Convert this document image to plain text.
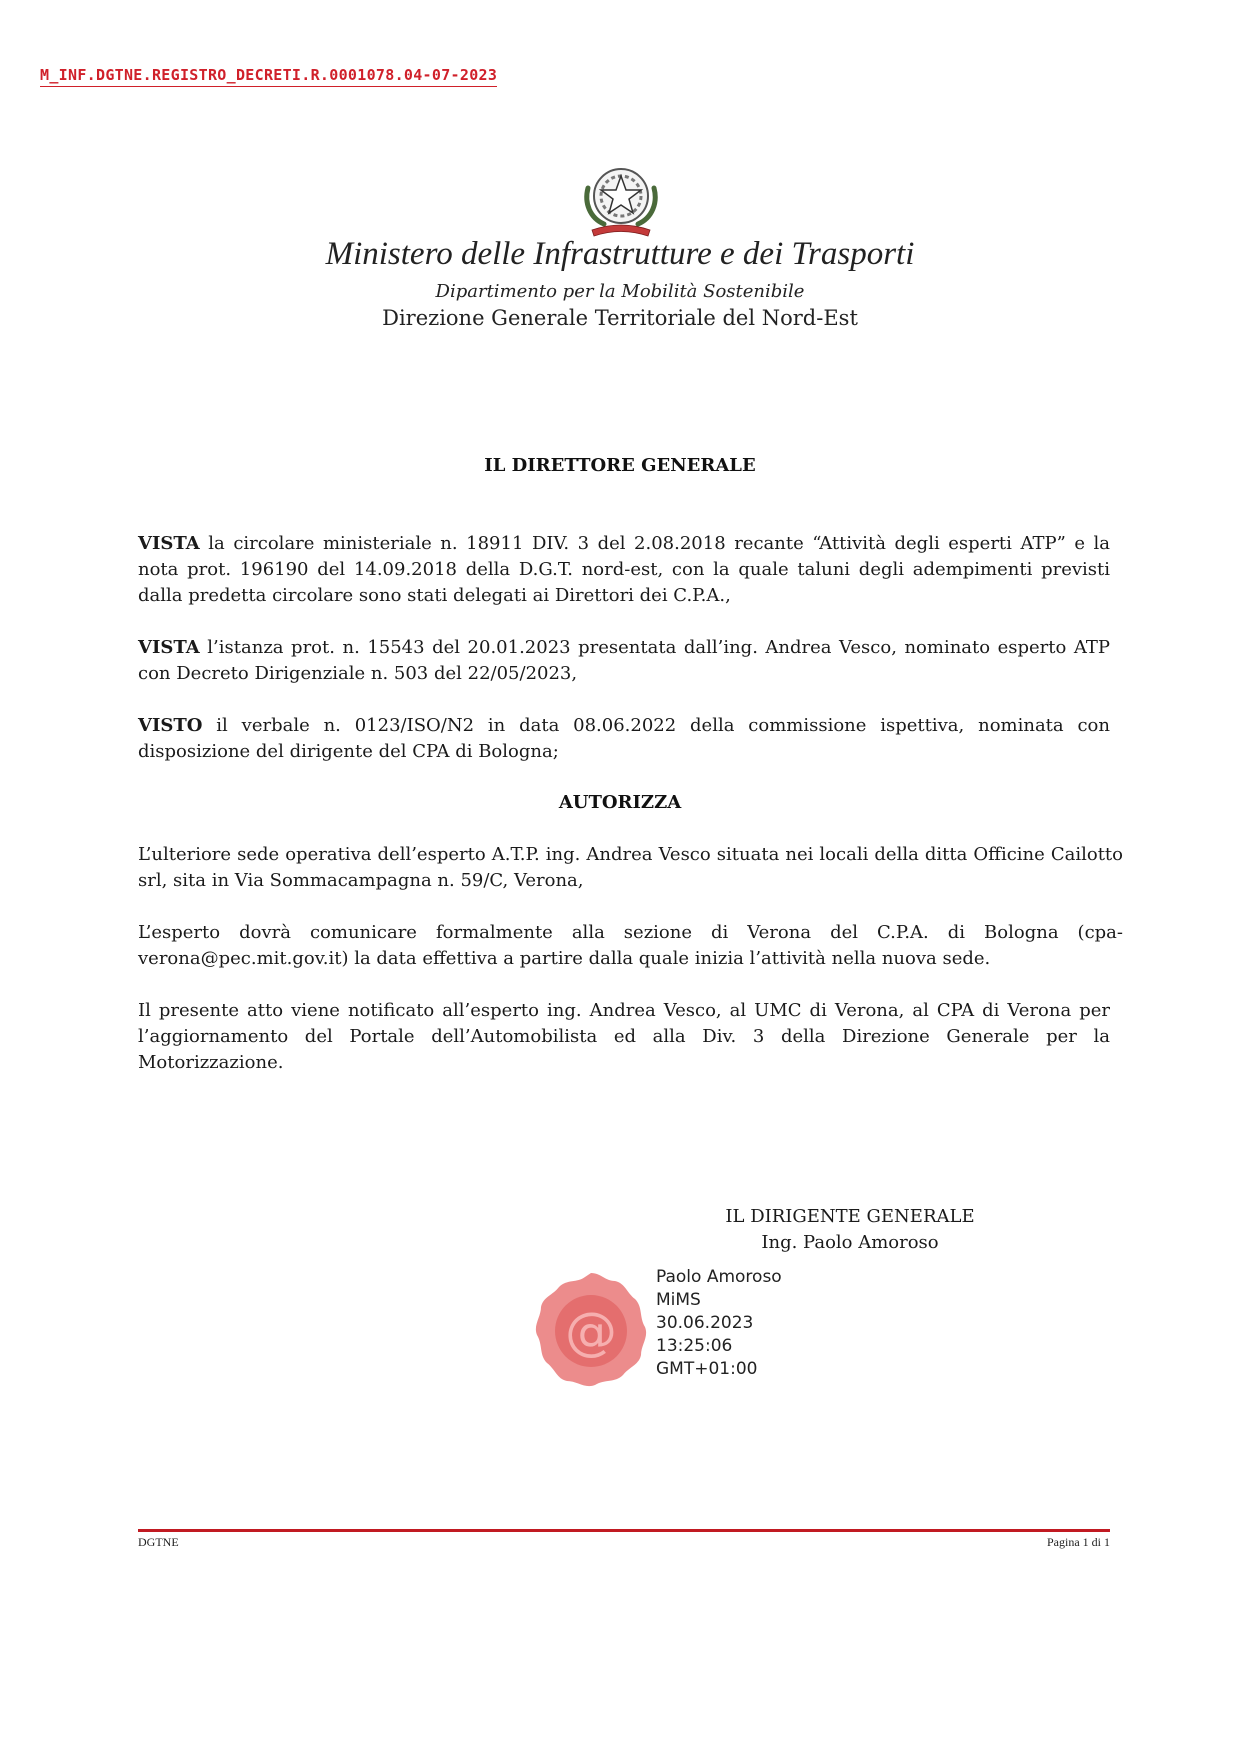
M_INF.DGTNE.REGISTRO_DECRETI.R.0001078.04-07-2023
Ministero delle Infrastrutture e dei Trasporti
Dipartimento per la Mobilità Sostenibile
Direzione Generale Territoriale del Nord-Est
IL DIRETTORE GENERALE
VISTA la circolare ministeriale n. 18911 DIV. 3 del 2.08.2018 recante “Attività degli esperti ATP” e la nota prot. 196190 del 14.09.2018 della D.G.T. nord-est, con la quale taluni degli adempimenti previsti dalla predetta circolare sono stati delegati ai Direttori dei C.P.A.,
VISTA l’istanza prot. n. 15543 del 20.01.2023 presentata dall’ing. Andrea Vesco, nominato esperto ATP con Decreto Dirigenziale n. 503 del 22/05/2023,
VISTO il verbale n. 0123/ISO/N2 in data 08.06.2022 della commissione ispettiva, nominata con disposizione del dirigente del CPA di Bologna;
AUTORIZZA
L’ulteriore sede operativa dell’esperto A.T.P. ing. Andrea Vesco situata nei locali della ditta Officine Cailotto srl, sita in Via Sommacampagna n. 59/C, Verona,
L’esperto dovrà comunicare formalmente alla sezione di Verona del C.P.A. di Bologna (cpa-verona@pec.mit.gov.it) la data effettiva a partire dalla quale inizia l’attività nella nuova sede.
Il presente atto viene notificato all’esperto ing. Andrea Vesco, al UMC di Verona, al CPA di Verona per l’aggiornamento del Portale dell’Automobilista ed alla Div. 3 della Direzione Generale per la Motorizzazione.
IL DIRIGENTE GENERALE
Ing. Paolo Amoroso
@
Paolo Amoroso
MiMS
30.06.2023
13:25:06
GMT+01:00
DGTNE	Pagina 1 di 1
